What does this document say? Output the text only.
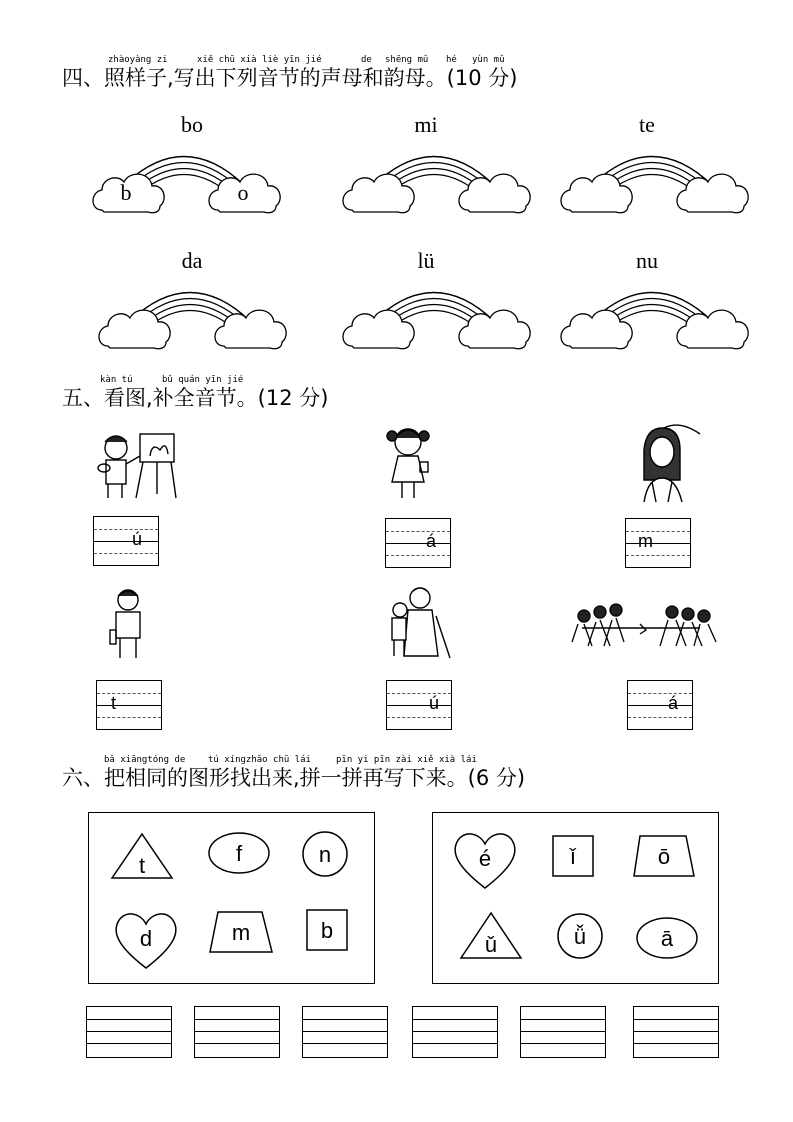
zhàoyàng zi	xiě chū xià liè yīn jié	de shēng mǔ hé yùn mǔ
四、照样子,写出下列音节的声母和韵母。(10 分)
bo	mi	te
da	lü	nu
b	o
kàn tú	bǔ quán yīn jié
五、看图,补全音节。(12 分)
ú	á	m
t	ú	á
bǎ xiāngtóng de	tú xíngzhǎo chū lái	pīn yi pīn zài xiě xià lái
六、把相同的图形找出来,拼一拼再写下来。(6 分)
t	f	n
d	m	b
é	ǐ	ō
ǔ	ǚ	ā
